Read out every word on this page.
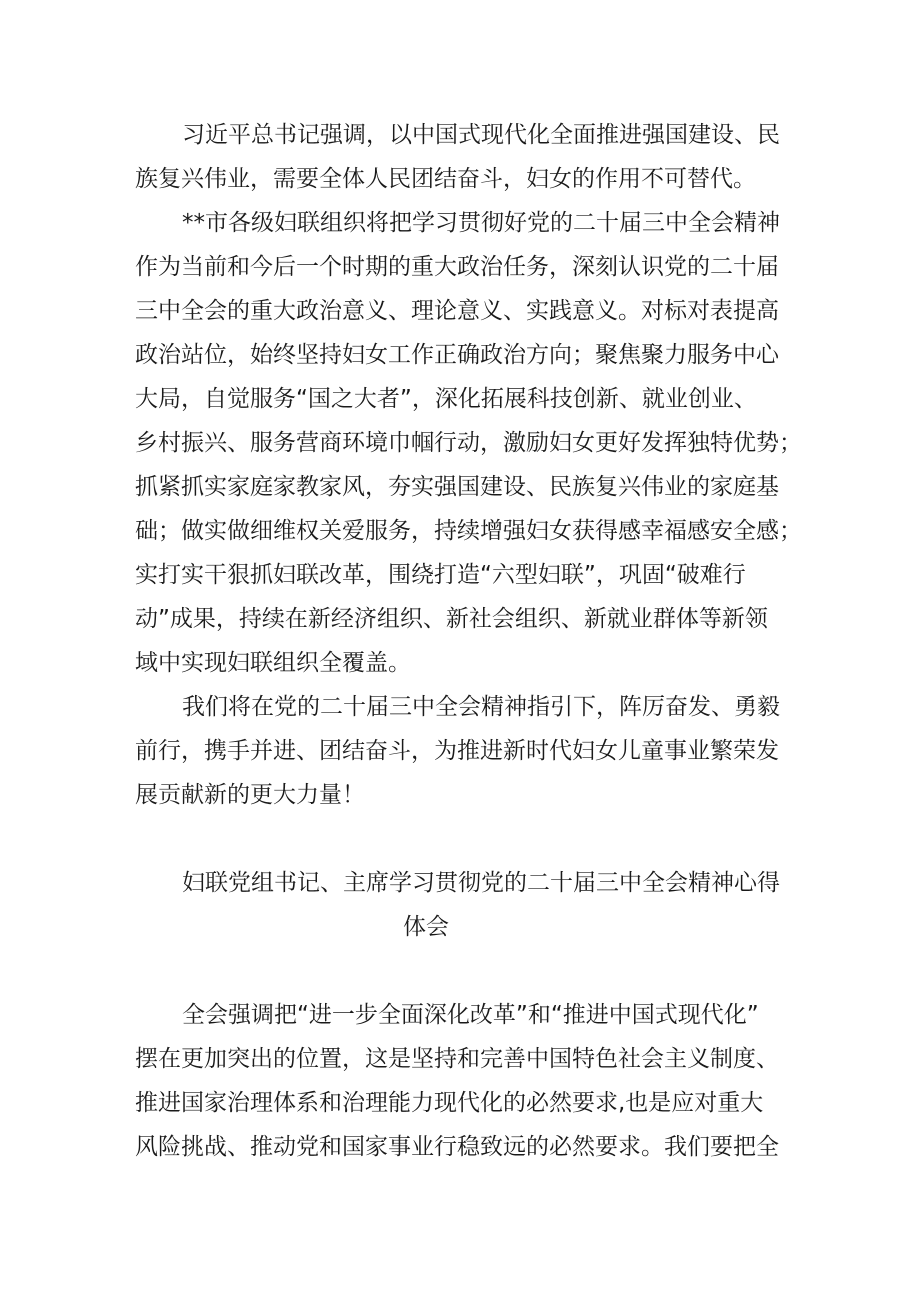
习近平总书记强调，以中国式现代化全面推进强国建设、民
族复兴伟业，需要全体人民团结奋斗，妇女的作用不可替代。
**市各级妇联组织将把学习贯彻好党的二十届三中全会精神
作为当前和今后一个时期的重大政治任务，深刻认识党的二十届
三中全会的重大政治意义、理论意义、实践意义。对标对表提高
政治站位，始终坚持妇女工作正确政治方向；聚焦聚力服务中心
大局，自觉服务“国之大者”，深化拓展科技创新、就业创业、
乡村振兴、服务营商环境巾帼行动，激励妇女更好发挥独特优势；
抓紧抓实家庭家教家风，夯实强国建设、民族复兴伟业的家庭基
础；做实做细维权关爱服务，持续增强妇女获得感幸福感安全感；
实打实干狠抓妇联改革，围绕打造“六型妇联”，巩固“破难行
动”成果，持续在新经济组织、新社会组织、新就业群体等新领
域中实现妇联组织全覆盖。
我们将在党的二十届三中全会精神指引下，阵厉奋发、勇毅
前行，携手并进、团结奋斗，为推进新时代妇女儿童事业繁荣发
展贡献新的更大力量！
妇联党组书记、主席学习贯彻党的二十届三中全会精神心得
体会
全会强调把“进一步全面深化改革”和“推进中国式现代化”
摆在更加突出的位置，这是坚持和完善中国特色社会主义制度、
推进国家治理体系和治理能力现代化的必然要求,也是应对重大
风险挑战、推动党和国家事业行稳致远的必然要求。我们要把全
